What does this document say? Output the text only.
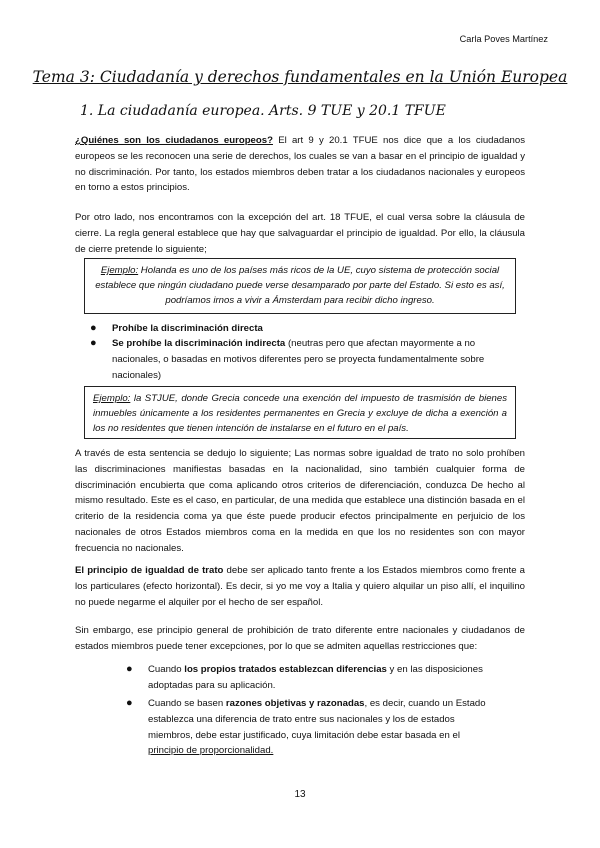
Carla Poves Martínez
Tema 3: Ciudadanía y derechos fundamentales en la Unión Europea
1. La ciudadanía europea. Arts. 9 TUE y 20.1 TFUE

¿Quiénes son los ciudadanos europeos? El art 9 y 20.1 TFUE nos dice que a los ciudadanos europeos se les reconocen una serie de derechos, los cuales se van a basar en el principio de igualdad y no discriminación. Por tanto, los estados miembros deben tratar a los ciudadanos nacionales y europeos en torno a estos principios.

Por otro lado, nos encontramos con la excepción del art. 18 TFUE, el cual versa sobre la cláusula de cierre. La regla general establece que hay que salvaguardar el principio de igualdad. Por ello, la cláusula de cierre pretende lo siguiente;

Ejemplo: Holanda es uno de los países más ricos de la UE, cuyo sistema de protección social establece que ningún ciudadano puede verse desamparado por parte del Estado. Si esto es así, podríamos irnos a vivir a Ámsterdam para recibir dicho ingreso.
● Prohíbe la discriminación directa
● Se prohíbe la discriminación indirecta (neutras pero que afectan mayormente a no nacionales, o basadas en motivos diferentes pero se proyecta fundamentalmente sobre nacionales)
Ejemplo: la STJUE, donde Grecia concede una exención del impuesto de trasmisión de bienes inmuebles únicamente a los residentes permanentes en Grecia y excluye de dicha a exención a los no residentes que tienen intención de instalarse en el futuro en el país.

A través de esta sentencia se dedujo lo siguiente; Las normas sobre igualdad de trato no solo prohíben las discriminaciones manifiestas basadas en la nacionalidad, sino también cualquier forma de discriminación encubierta que coma aplicando otros criterios de diferenciación, conduzca De hecho al mismo resultado. Este es el caso, en particular, de una medida que establece una distinción basada en el criterio de la residencia coma ya que éste puede producir efectos principalmente en perjuicio de los nacionales de otros Estados miembros coma en la medida en que los no residentes son con mayor frecuencia no nacionales.

El principio de igualdad de trato debe ser aplicado tanto frente a los Estados miembros como frente a los particulares (efecto horizontal). Es decir, si yo me voy a Italia y quiero alquilar un piso allí, el inquilino no puede negarme el alquiler por el hecho de ser español.

Sin embargo, ese principio general de prohibición de trato diferente entre nacionales y ciudadanos de estados miembros puede tener excepciones, por lo que se admiten aquellas restricciones que:

● Cuando los propios tratados establezcan diferencias y en las disposiciones adoptadas para su aplicación.
● Cuando se basen razones objetivas y razonadas, es decir, cuando un Estado establezca una diferencia de trato entre sus nacionales y los de estados miembros, debe estar justificado, cuya limitación debe estar basada en el principio de proporcionalidad.
13
